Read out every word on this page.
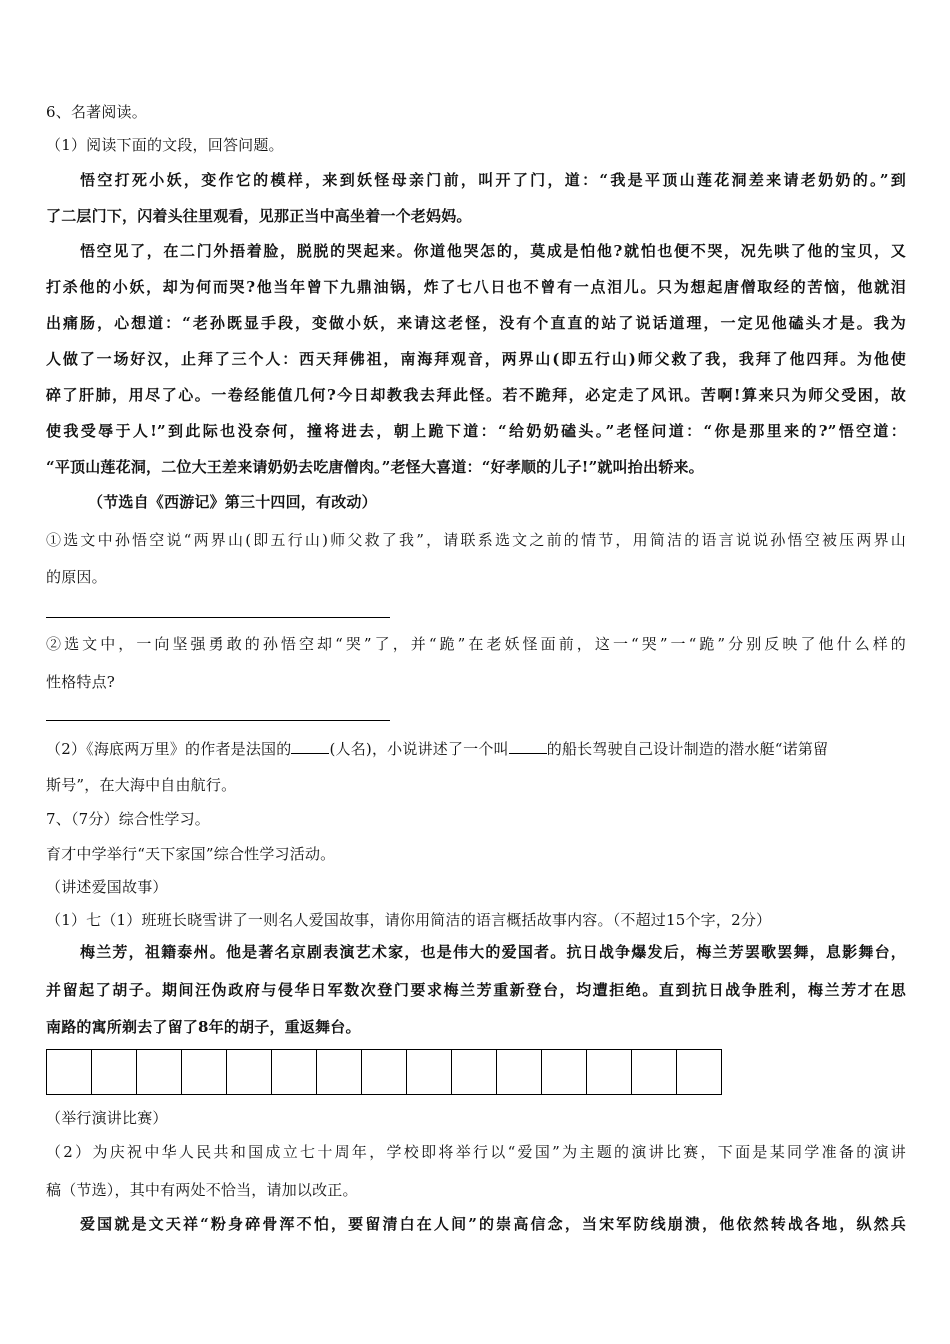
6、名著阅读。
（1）阅读下面的文段，回答问题。
悟空打死小妖，变作它的模样，来到妖怪母亲门前，叫开了门，道：“我是平顶山莲花洞差来请老奶奶的。”到
了二层门下，闪着头往里观看，见那正当中高坐着一个老妈妈。
悟空见了，在二门外捂着脸，脱脱的哭起来。你道他哭怎的，莫成是怕他?就怕也便不哭，况先哄了他的宝贝，又
打杀他的小妖，却为何而哭?他当年曾下九鼎油锅，炸了七八日也不曾有一点泪儿。只为想起唐僧取经的苦恼，他就泪
出痛肠，心想道：“老孙既显手段，变做小妖，来请这老怪，没有个直直的站了说话道理，一定见他磕头才是。我为
人做了一场好汉，止拜了三个人：西天拜佛祖，南海拜观音，两界山(即五行山)师父救了我，我拜了他四拜。为他使
碎了肝肺，用尽了心。一卷经能值几何?今日却教我去拜此怪。若不跪拜，必定走了风讯。苦啊!算来只为师父受困，故
使我受辱于人!”到此际也没奈何，撞将进去，朝上跪下道：“给奶奶磕头。”老怪问道：“你是那里来的?”悟空道：
“平顶山莲花洞，二位大王差来请奶奶去吃唐僧肉。”老怪大喜道：“好孝顺的儿子!”就叫抬出轿来。
（节选自《西游记》第三十四回，有改动）
①选文中孙悟空说“两界山(即五行山)师父救了我”，请联系选文之前的情节，用简洁的语言说说孙悟空被压两界山
的原因。
②选文中，一向坚强勇敢的孙悟空却“哭”了，并“跪”在老妖怪面前，这一“哭”一“跪”分别反映了他什么样的
性格特点?
（2）《海底两万里》的作者是法国的	(人名)，小说讲述了一个叫	的船长驾驶自己设计制造的潜水艇“诺第留
斯号”，在大海中自由航行。
7、（7分）综合性学习。
育才中学举行“天下家国”综合性学习活动。
（讲述爱国故事）
（1）七（1）班班长晓雪讲了一则名人爱国故事，请你用简洁的语言概括故事内容。（不超过15个字，2分）
梅兰芳，祖籍泰州。他是著名京剧表演艺术家，也是伟大的爱国者。抗日战争爆发后，梅兰芳罢歌罢舞，息影舞台，
并留起了胡子。期间汪伪政府与侵华日军数次登门要求梅兰芳重新登台，均遭拒绝。直到抗日战争胜利，梅兰芳才在思
南路的寓所剃去了留了8年的胡子，重返舞台。
（举行演讲比赛）
（2）为庆祝中华人民共和国成立七十周年，学校即将举行以“爱国”为主题的演讲比赛，下面是某同学准备的演讲
稿（节选），其中有两处不恰当，请加以改正。
爱国就是文天祥“粉身碎骨浑不怕，要留清白在人间”的崇高信念，当宋军防线崩溃，他依然转战各地，纵然兵
